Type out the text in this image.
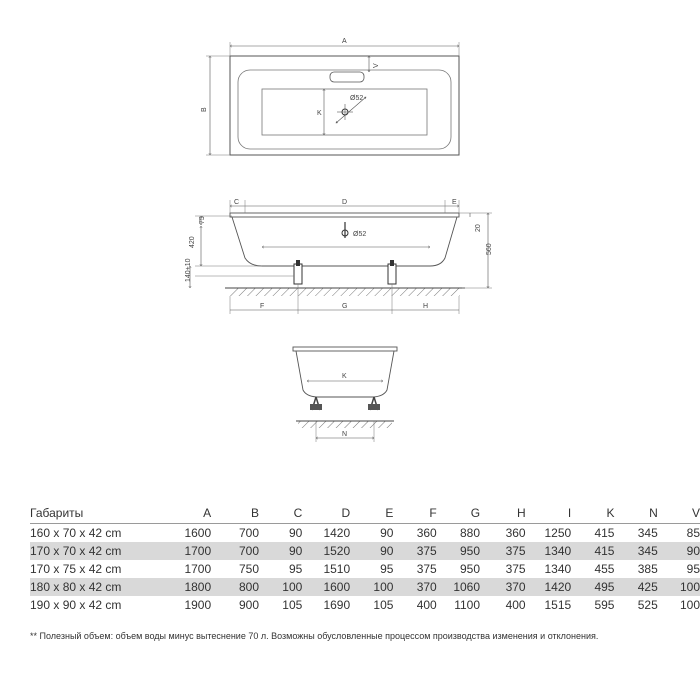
Ø52
A
B
V
K
Ø52
C	D	E
75
420
140+10
20
560
F	G	H
K
N
Габариты	A	B	C	D	E	F	G	H	I	K	N	V
160 x 70 x 42 cm	1600	700	90	1420	90	360	880	360	1250	415	345	85
170 x 70 x 42 cm	1700	700	90	1520	90	375	950	375	1340	415	345	90
170 x 75 x 42 cm	1700	750	95	1510	95	375	950	375	1340	455	385	95
180 x 80 x 42 cm	1800	800	100	1600	100	370	1060	370	1420	495	425	100
190 x 90 x 42 cm	1900	900	105	1690	105	400	1100	400	1515	595	525	100
** Полезный объем: объем воды минус вытеснение 70 л. Возможны обусловленные процессом производства изменения и отклонения.
